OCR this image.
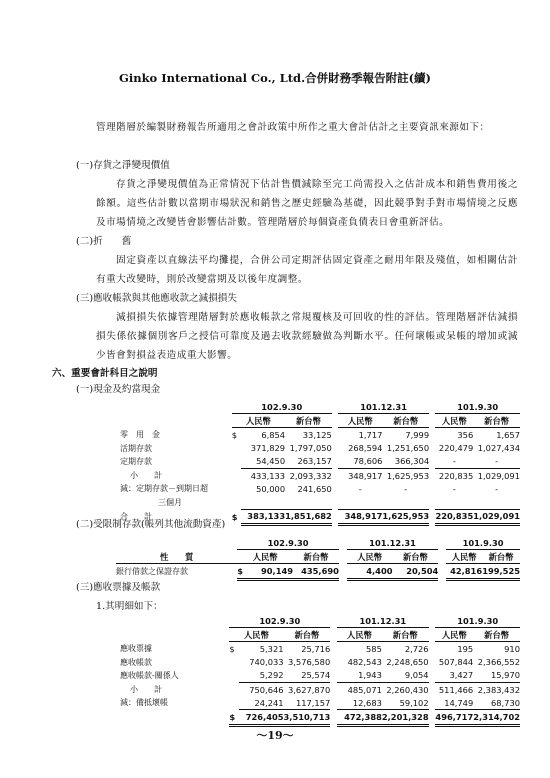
Ginko International Co., Ltd.合併財務季報告附註(續)
管理階層於編製財務報告所適用之會計政策中所作之重大會計估計之主要資訊來源如下：
(一)存貨之淨變現價值
存貨之淨變現價值為正常情況下估計售價減除至完工尚需投入之估計成本和銷售費用後之餘額。這些估計數以當期市場狀況和銷售之歷史經驗為基礎，因此競爭對手對市場情境之反應及市場情境之改變皆會影響估計數。管理階層於每個資產負債表日會重新評估。
(二)折　　舊
固定資產以直線法平均攤提，合併公司定期評估固定資產之耐用年限及殘值，如相關估計有重大改變時，則於改變當期及以後年度調整。
(三)應收帳款與其他應收款之減損損失
減損損失依據管理階層對於應收帳款之常規覆核及可回收的性的評估。管理階層評估減損損失係依據個別客戶之授信可靠度及過去收款經驗做為判斷水平。任何壞帳或呆帳的增加或減少皆會對損益表造成重大影響。
六、重要會計科目之說明
(一)現金及約當現金
	102.9.30				101.12.31			101.9.30	
	人民幣		新台幣		人民幣	新台幣		人民幣	新台幣
零　用　金	$	6,854	33,125		1,717	7,999		356	1,657
活期存款		371,829	1,797,050		268,594	1,251,650		220,479	1,027,434
定期存款		54,450	263,157		78,606	366,304		-	-
小　　計		433,133	2,093,332		348,917	1,625,953		220,835	1,029,091
減：定期存款－到期日超		50,000	241,650		-	-		-	-
三個月									
合　　計	$	383,133	1,851,682		348,917	1,625,953		220,835	1,029,091
(二)受限制存款(帳列其他流動資產)
	102.9.30				101.12.31			101.9.30	
性　　質	人民幣		新台幣		人民幣	新台幣		人民幣	新台幣
銀行借款之保證存款	$	90,149	435,690		4,400	20,504		42,816	199,525
(三)應收票據及帳款
1.其明細如下：
	102.9.30				101.12.31			101.9.30	
	人民幣		新台幣		人民幣	新台幣		人民幣	新台幣
應收票據	$	5,321	25,716		585	2,726		195	910
應收帳款		740,033	3,576,580		482,543	2,248,650		507,844	2,366,552
應收帳款-關係人		5,292	25,574		1,943	9,054		3,427	15,970
小　　計		750,646	3,627,870		485,071	2,260,430		511,466	2,383,432
減：備抵壞帳		24,241	117,157		12,683	59,102		14,749	68,730
	$	726,405	3,510,713		472,388	2,201,328		496,717	2,314,702
～19～
